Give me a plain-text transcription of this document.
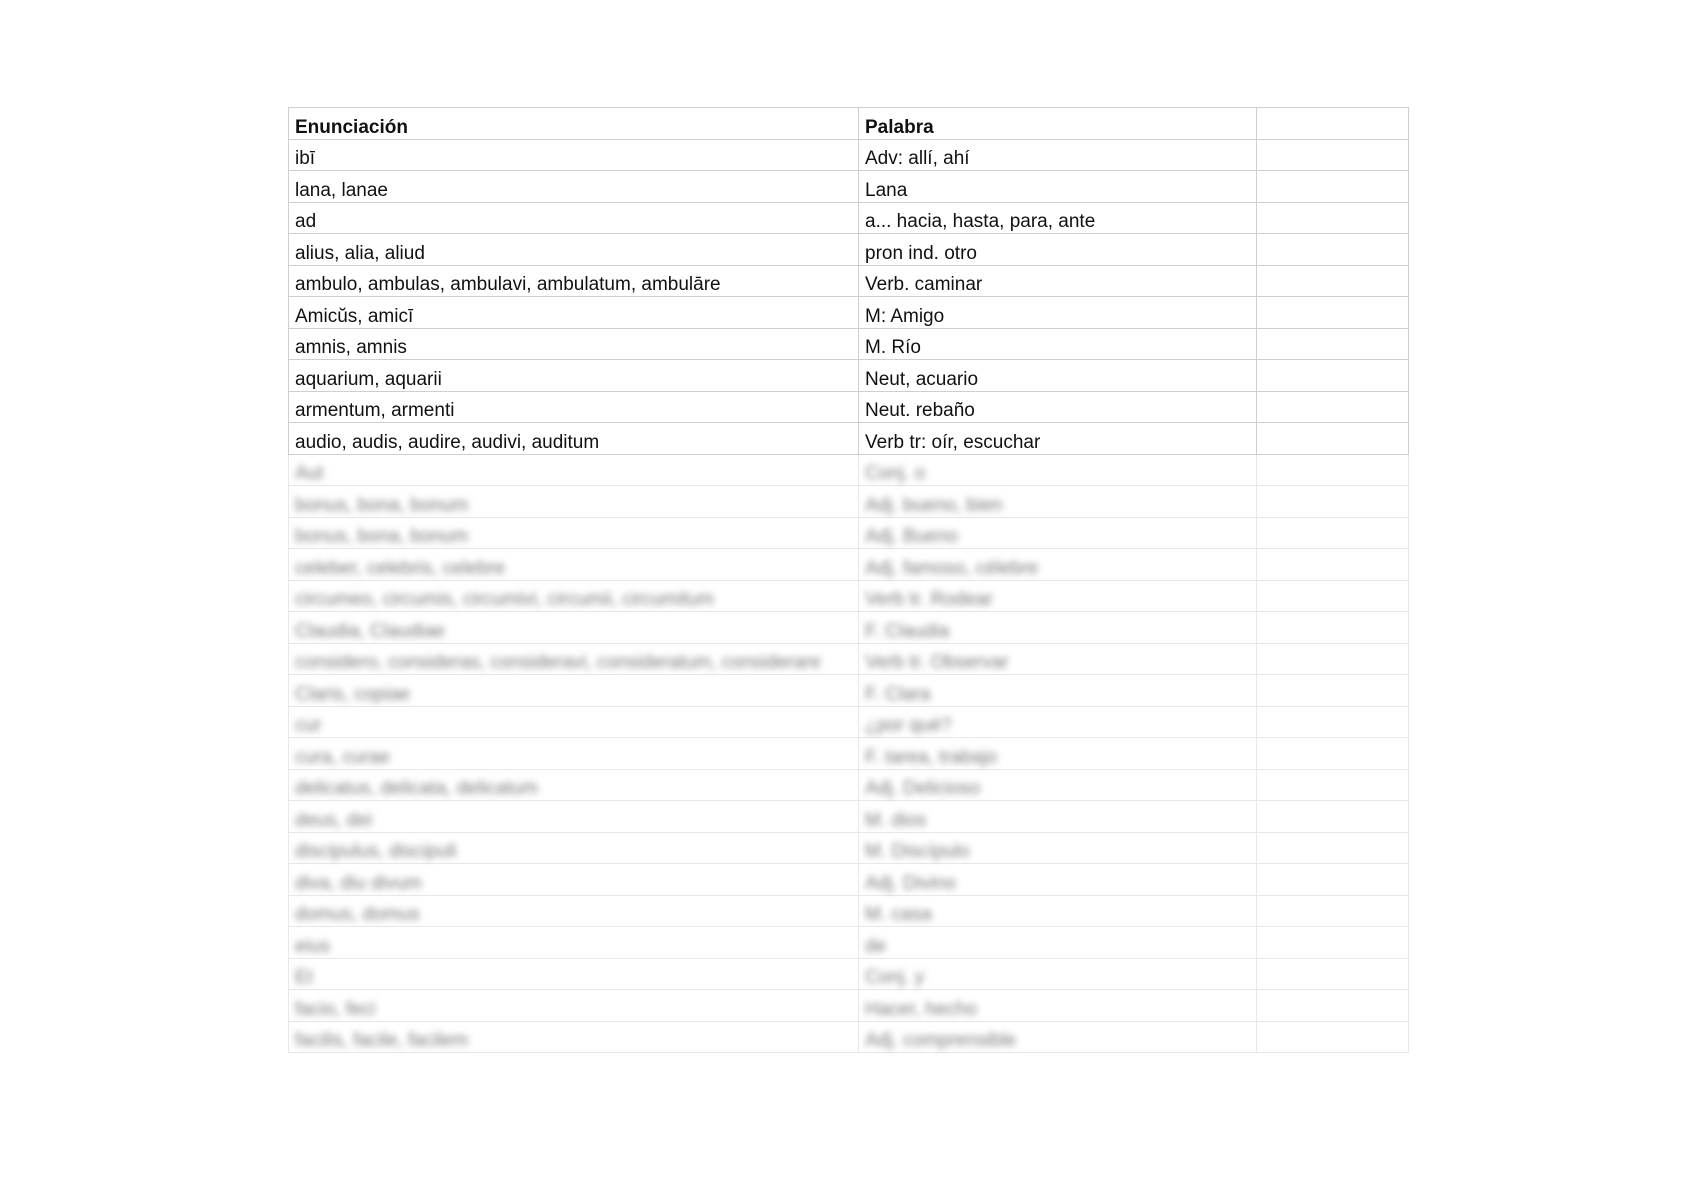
Enunciación	Palabra	
ibī	Adv: allí, ahí	
lana, lanae	Lana	
ad	a... hacia, hasta, para, ante	
alius, alia, aliud	pron ind. otro	
ambulo, ambulas, ambulavi, ambulatum, ambulāre	Verb. caminar	
Amicŭs, amicī	M: Amigo	
amnis, amnis	M. Río	
aquarium, aquarii	Neut, acuario	
armentum, armenti	Neut. rebaño	
audio, audis, audire, audivi, auditum	Verb tr: oír, escuchar	
Aut	Conj. o	
bonus, bona, bonum	Adj. bueno, bien	
bonus, bona, bonum	Adj. Bueno	
celeber, celebris, celebre	Adj. famoso, célebre	
circumeo, circumis, circumivi, circumii, circumitum	Verb tr. Rodear	
Claudia, Claudiae	F. Claudia	
considero, consideras, consideravi, consideratum, considerare	Verb tr. Observar	
Claris, copiae	F. Clara	
cur	¿por qué?	
cura, curae	F. tarea, trabajo	
delicatus, delicata, delicatum	Adj. Delicioso	
deus, dei	M. dios	
discipulus, discipuli	M. Discípulo	
diva, diu divum	Adj. Divino	
domus, domus	M. casa	
eius	de	
Et	Conj. y	
facio, feci	Hacer, hecho	
facilis, facile, facilem	Adj. comprensible	
